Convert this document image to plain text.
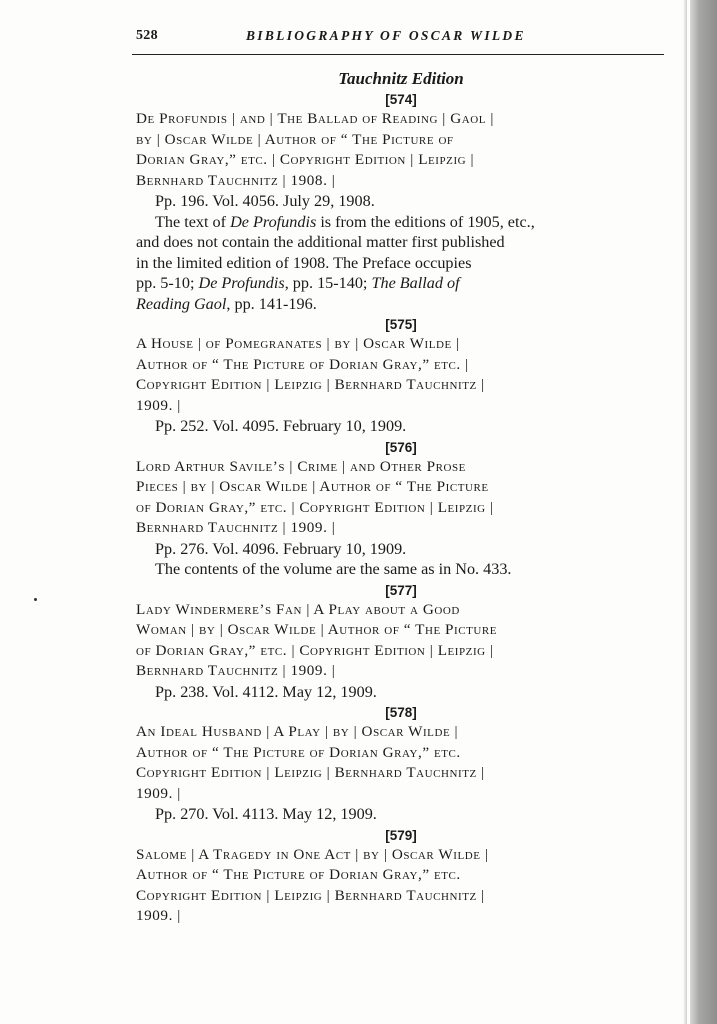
528	BIBLIOGRAPHY OF OSCAR WILDE
Tauchnitz Edition
[574]
De Profundis | and | The Ballad of Reading | Gaol |
by | Oscar Wilde | Author of “ The Picture of
Dorian Gray,” etc. | Copyright Edition | Leipzig |
Bernhard Tauchnitz | 1908. |
Pp. 196. Vol. 4056. July 29, 1908.
The text of De Profundis is from the editions of 1905, etc.,
and does not contain the additional matter first published
in the limited edition of 1908. The Preface occupies
pp. 5-10; De Profundis, pp. 15-140; The Ballad of
Reading Gaol, pp. 141-196.
[575]
A House | of Pomegranates | by | Oscar Wilde |
Author of “ The Picture of Dorian Gray,” etc. |
Copyright Edition | Leipzig | Bernhard Tauchnitz |
1909. |
Pp. 252. Vol. 4095. February 10, 1909.
[576]
Lord Arthur Savile’s | Crime | and Other Prose
Pieces | by | Oscar Wilde | Author of “ The Picture
of Dorian Gray,” etc. | Copyright Edition | Leipzig |
Bernhard Tauchnitz | 1909. |
Pp. 276. Vol. 4096. February 10, 1909.
The contents of the volume are the same as in No. 433.
[577]
Lady Windermere’s Fan | A Play about a Good
Woman | by | Oscar Wilde | Author of “ The Picture
of Dorian Gray,” etc. | Copyright Edition | Leipzig |
Bernhard Tauchnitz | 1909. |
Pp. 238. Vol. 4112. May 12, 1909.
[578]
An Ideal Husband | A Play | by | Oscar Wilde |
Author of “ The Picture of Dorian Gray,” etc.
Copyright Edition | Leipzig | Bernhard Tauchnitz |
1909. |
Pp. 270. Vol. 4113. May 12, 1909.
[579]
Salome | A Tragedy in One Act | by | Oscar Wilde |
Author of “ The Picture of Dorian Gray,” etc.
Copyright Edition | Leipzig | Bernhard Tauchnitz |
1909. |
